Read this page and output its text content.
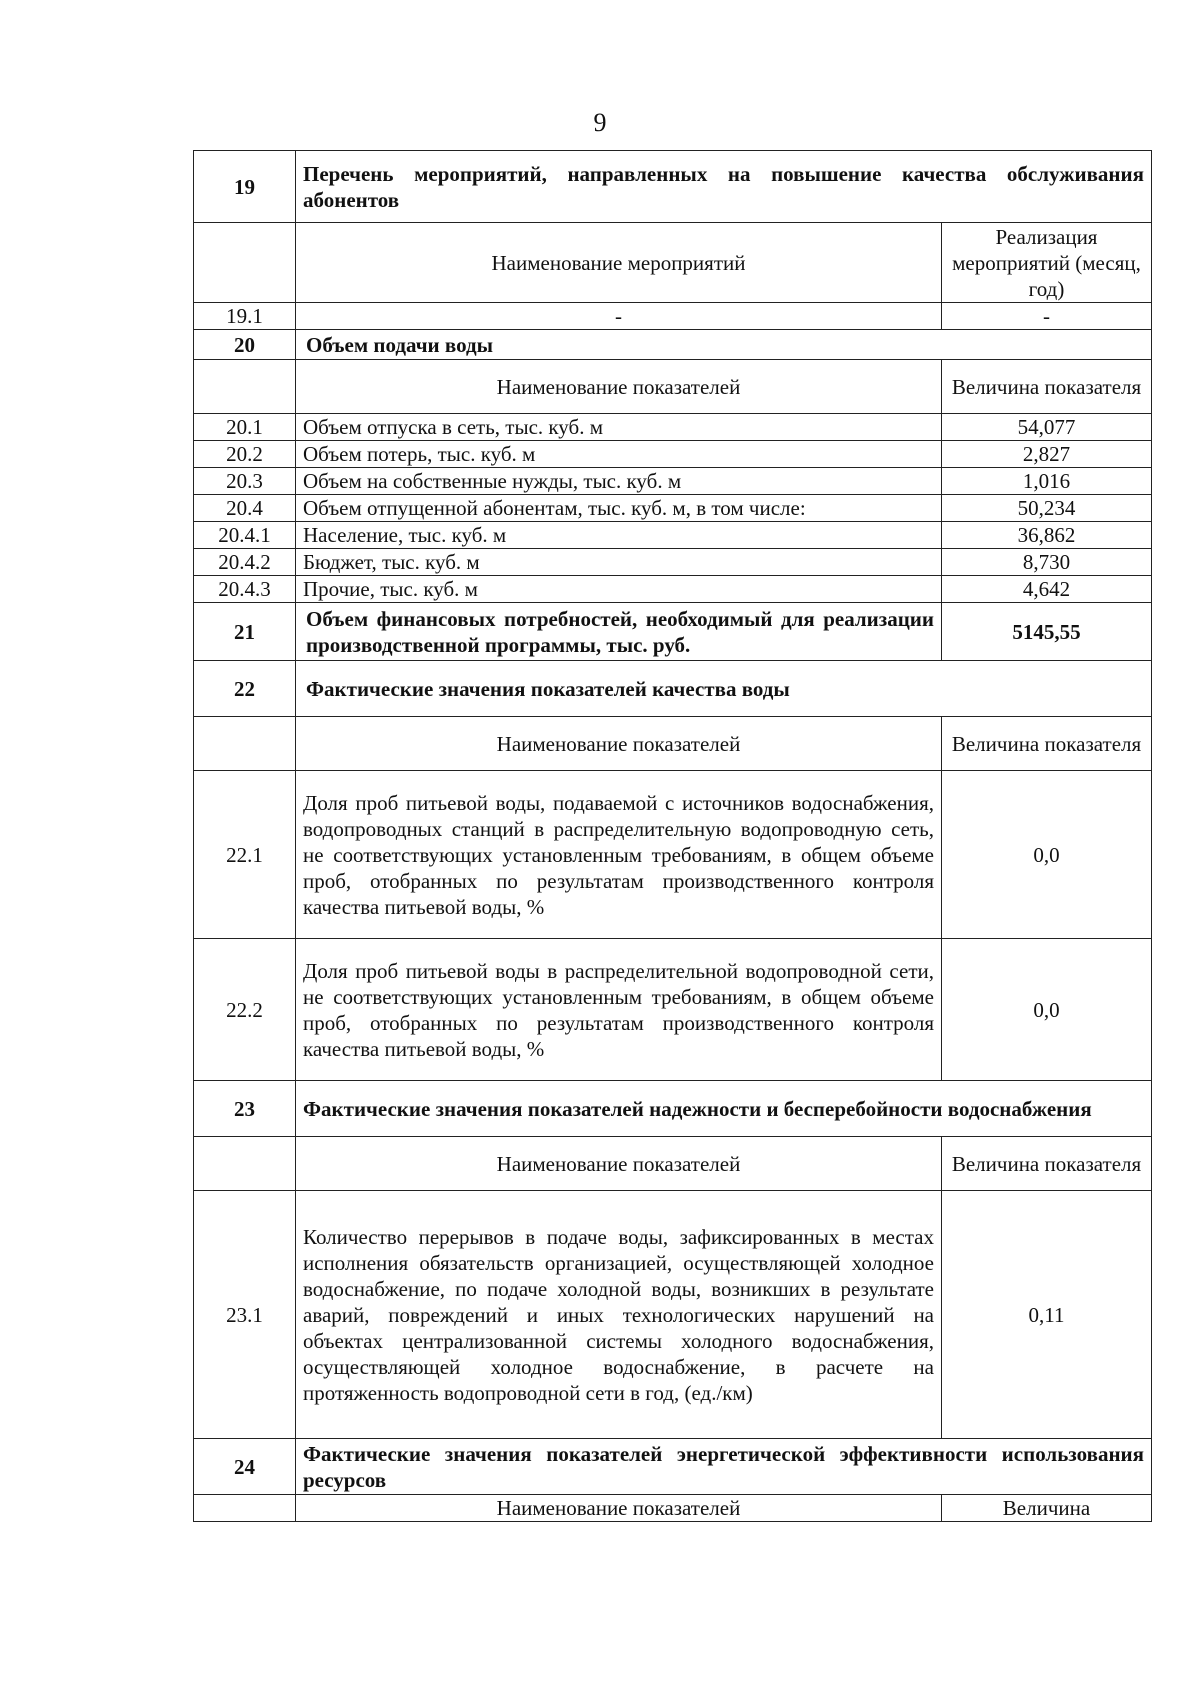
9
19	Перечень мероприятий, направленных на повышение качества обслуживания абонентов	
	Наименование мероприятий	Реализация мероприятий (месяц, год)
19.1	-	-
20	Объем подачи воды	
	Наименование показателей	Величина показателя
20.1	Объем отпуска в сеть, тыс. куб. м	54,077
20.2	Объем потерь, тыс. куб. м	2,827
20.3	Объем на собственные нужды, тыс. куб. м	1,016
20.4	Объем отпущенной абонентам, тыс. куб. м, в том числе:	50,234
20.4.1	Население, тыс. куб. м	36,862
20.4.2	Бюджет, тыс. куб. м	8,730
20.4.3	Прочие, тыс. куб. м	4,642
21	Объем финансовых потребностей, необходимый для реализации производственной программы, тыс. руб.	5145,55
22	Фактические значения показателей качества воды	
	Наименование показателей	Величина показателя
22.1	Доля проб питьевой воды, подаваемой с источников водоснабжения, водопроводных станций в распределительную водопроводную сеть, не соответствующих установленным требованиям, в общем объеме проб, отобранных по результатам производственного контроля качества питьевой воды, %	0,0
22.2	Доля проб питьевой воды в распределительной водопроводной сети, не соответствующих установленным требованиям, в общем объеме проб, отобранных по результатам производственного контроля качества питьевой воды, %	0,0
23	Фактические значения показателей надежности и бесперебойности водоснабжения	
	Наименование показателей	Величина показателя
23.1	Количество перерывов в подаче воды, зафиксированных в местах исполнения обязательств организацией, осуществляющей холодное водоснабжение, по подаче холодной воды, возникших в результате аварий, повреждений и иных технологических нарушений на объектах централизованной системы холодного водоснабжения, осуществляющей холодное водоснабжение, в расчете на протяженность водопроводной сети в год, (ед./км)	0,11
24	Фактические значения показателей энергетической эффективности использования ресурсов	
	Наименование показателей	Величина
